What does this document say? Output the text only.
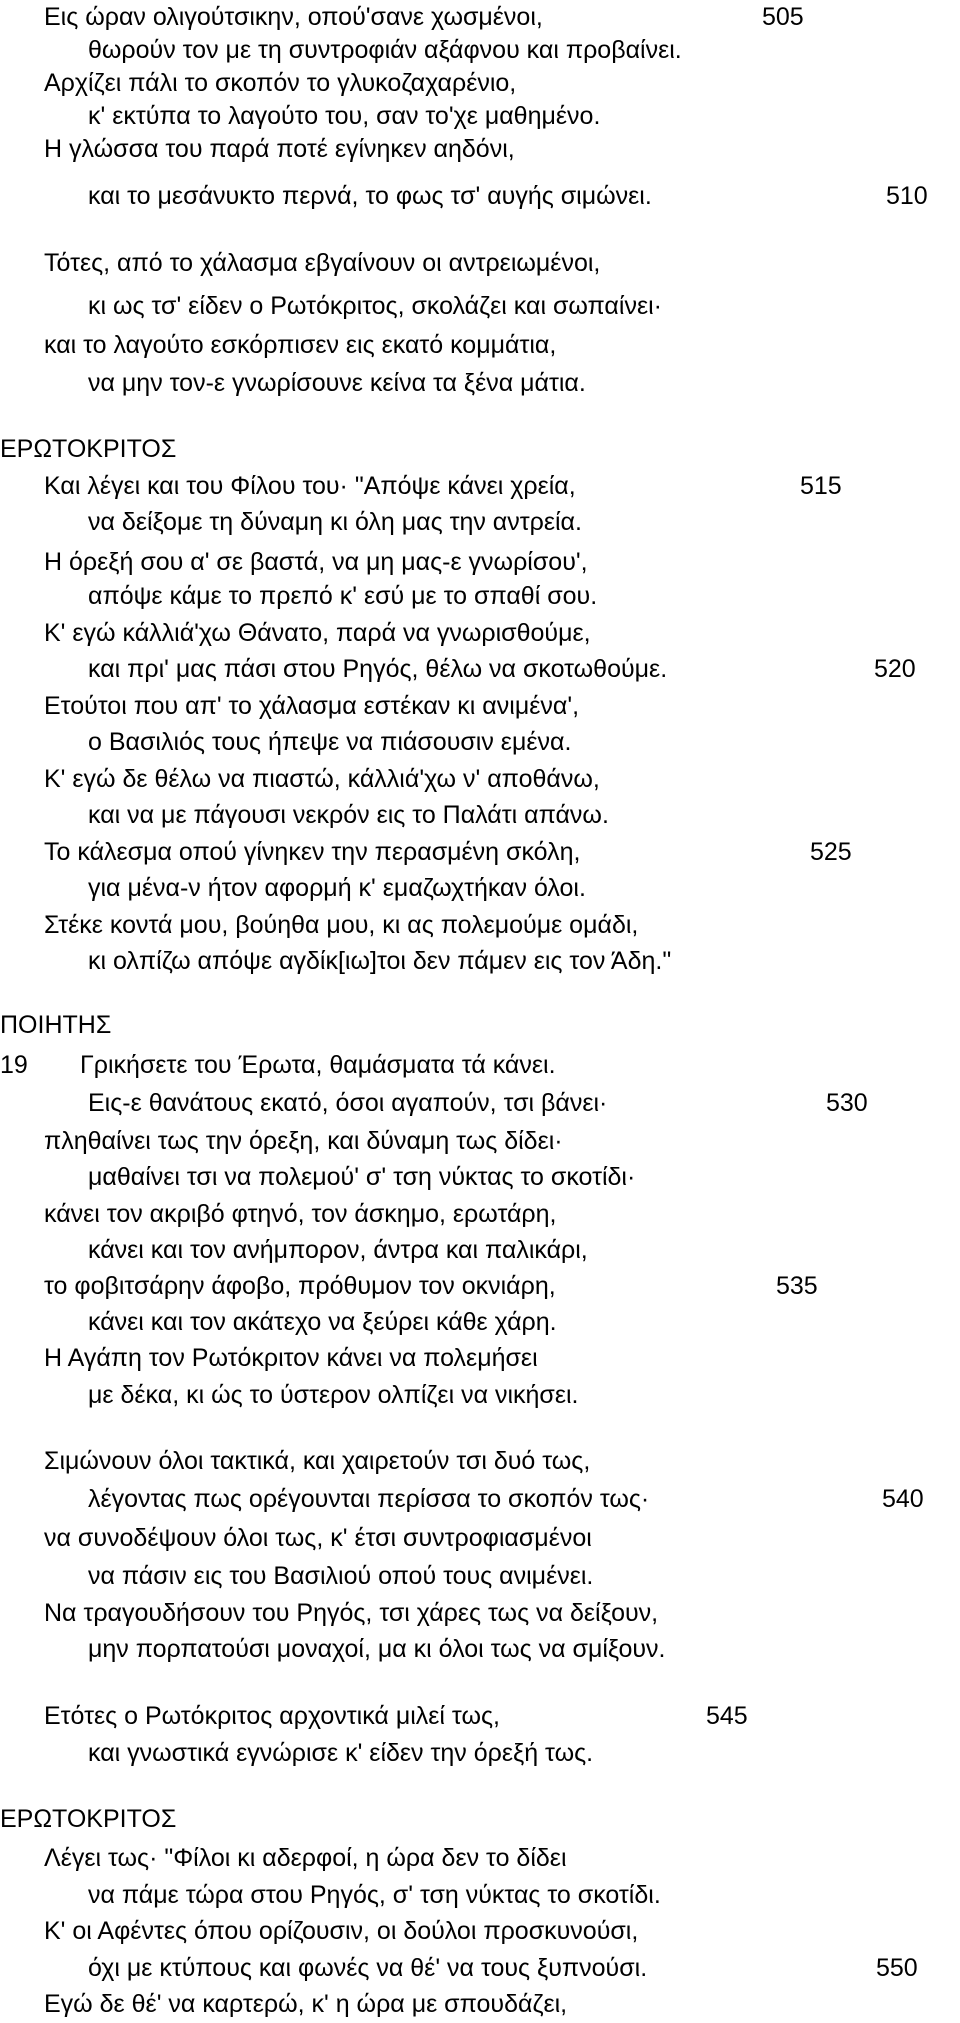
Εις ώραν ολιγούτσικην, οπού'σανε χωσμένοι,	505
θωρούν τον με τη συντροφιάν αξάφνου και προβαίνει.
Αρχίζει πάλι το σκοπόν το γλυκοζαχαρένιο,
κ' εκτύπα το λαγούτο του, σαν το'χε μαθημένο.
Η γλώσσα του παρά ποτέ εγίνηκεν αηδόνι,
και το μεσάνυκτο περνά, το φως τσ' αυγής σιμώνει.	510
Τότες, από το χάλασμα εβγαίνουν οι αντρειωμένοι,
κι ως τσ' είδεν ο Ρωτόκριτος, σκολάζει και σωπαίνει·
και το λαγούτο εσκόρπισεν εις εκατό κομμάτια,
να μην τον-ε γνωρίσουνε κείνα τα ξένα μάτια.
ΕΡΩΤΟΚΡΙΤΟΣ
Και λέγει και του Φίλου του· "Απόψε κάνει χρεία,	515
να δείξομε τη δύναμη κι όλη μας την αντρεία.
Η όρεξή σου α' σε βαστά, να μη μας-ε γνωρίσου',
απόψε κάμε το πρεπό κ' εσύ με το σπαθί σου.
Κ' εγώ κάλλιά'χω Θάνατο, παρά να γνωρισθούμε,
και πρι' μας πάσι στου Ρηγός, θέλω να σκοτωθούμε.	520
Ετούτοι που απ' το χάλασμα εστέκαν κι ανιμένα',
ο Βασιλιός τους ήπεψε να πιάσουσιν εμένα.
Κ' εγώ δε θέλω να πιαστώ, κάλλιά'χω ν' αποθάνω,
και να με πάγουσι νεκρόν εις το Παλάτι απάνω.
Το κάλεσμα οπού γίνηκεν την περασμένη σκόλη,	525
για μένα-ν ήτον αφορμή κ' εμαζωχτήκαν όλοι.
Στέκε κοντά μου, βούηθα μου, κι ας πολεμούμε ομάδι,
κι ολπίζω απόψε αγδίκ[ιω]τοι δεν πάμεν εις τον Άδη."
ΠΟΙΗΤΗΣ
19 Γρικήσετε του Έρωτα, θαμάσματα τά κάνει.
Εις-ε θανάτους εκατό, όσοι αγαπούν, τσι βάνει·	530
πληθαίνει τως την όρεξη, και δύναμη τως δίδει·
μαθαίνει τσι να πολεμού' σ' τση νύκτας το σκοτίδι·
κάνει τον ακριβό φτηνό, τον άσκημο, ερωτάρη,
κάνει και τον ανήμπορον, άντρα και παλικάρι,
το φοβιτσάρην άφοβο, πρόθυμον τον οκνιάρη,	535
κάνει και τον ακάτεχο να ξεύρει κάθε χάρη.
Η Αγάπη τον Ρωτόκριτον κάνει να πολεμήσει
με δέκα, κι ώς το ύστερον ολπίζει να νικήσει.
Σιμώνουν όλοι τακτικά, και χαιρετούν τσι δυό τως,
λέγοντας πως ορέγουνται περίσσα το σκοπόν τως·	540
να συνοδέψουν όλοι τως, κ' έτσι συντροφιασμένοι
να πάσιν εις του Βασιλιού οπού τους ανιμένει.
Να τραγουδήσουν του Ρηγός, τσι χάρες τως να δείξουν,
μην πορπατούσι μοναχοί, μα κι όλοι τως να σμίξουν.
Ετότες ο Ρωτόκριτος αρχοντικά μιλεί τως,	545
και γνωστικά εγνώρισε κ' είδεν την όρεξή τως.
ΕΡΩΤΟΚΡΙΤΟΣ
Λέγει τως· "Φίλοι κι αδερφοί, η ώρα δεν το δίδει
να πάμε τώρα στου Ρηγός, σ' τση νύκτας το σκοτίδι.
Κ' οι Αφέντες όπου ορίζουσιν, οι δούλοι προσκυνούσι,
όχι με κτύπους και φωνές να θέ' να τους ξυπνούσι.	550
Εγώ δε θέ' να καρτερώ, κ' η ώρα με σπουδάζει,
